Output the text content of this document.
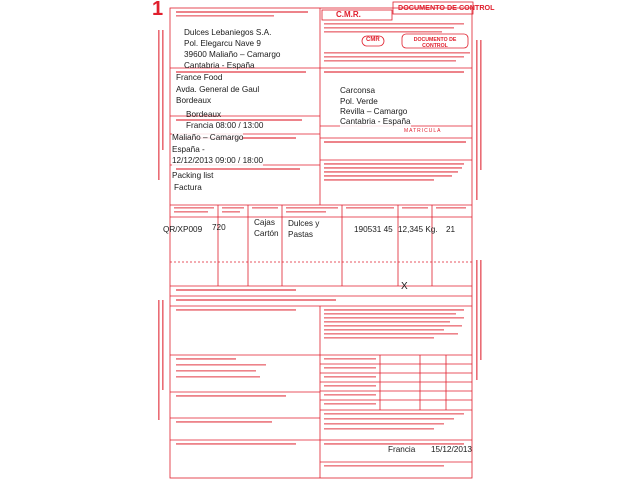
1	C.M.R.
DOCUMENTO DE CONTROL
CMR	DOCUMENTO DE CONTROL
MATRICULA
Dulces Lebaniegos S.A.
Pol. Elegarcu Nave 9
39600 Maliaño – Camargo
Cantabria - España
France Food
Avda. General de Gaul
Bordeaux
Bordeaux
Francia 08:00 / 13:00
Maliaño – Camargo
España -
12/12/2013 09:00 / 18:00
Packing list
Factura
Carconsa
Pol. Verde
Revilla – Camargo
Cantabria - España
QR/XP009 720
Cajas
Cartón
Dulces y
Pastas
190531 45 12,345 Kg. 21
X
Francia 15/12/2013
